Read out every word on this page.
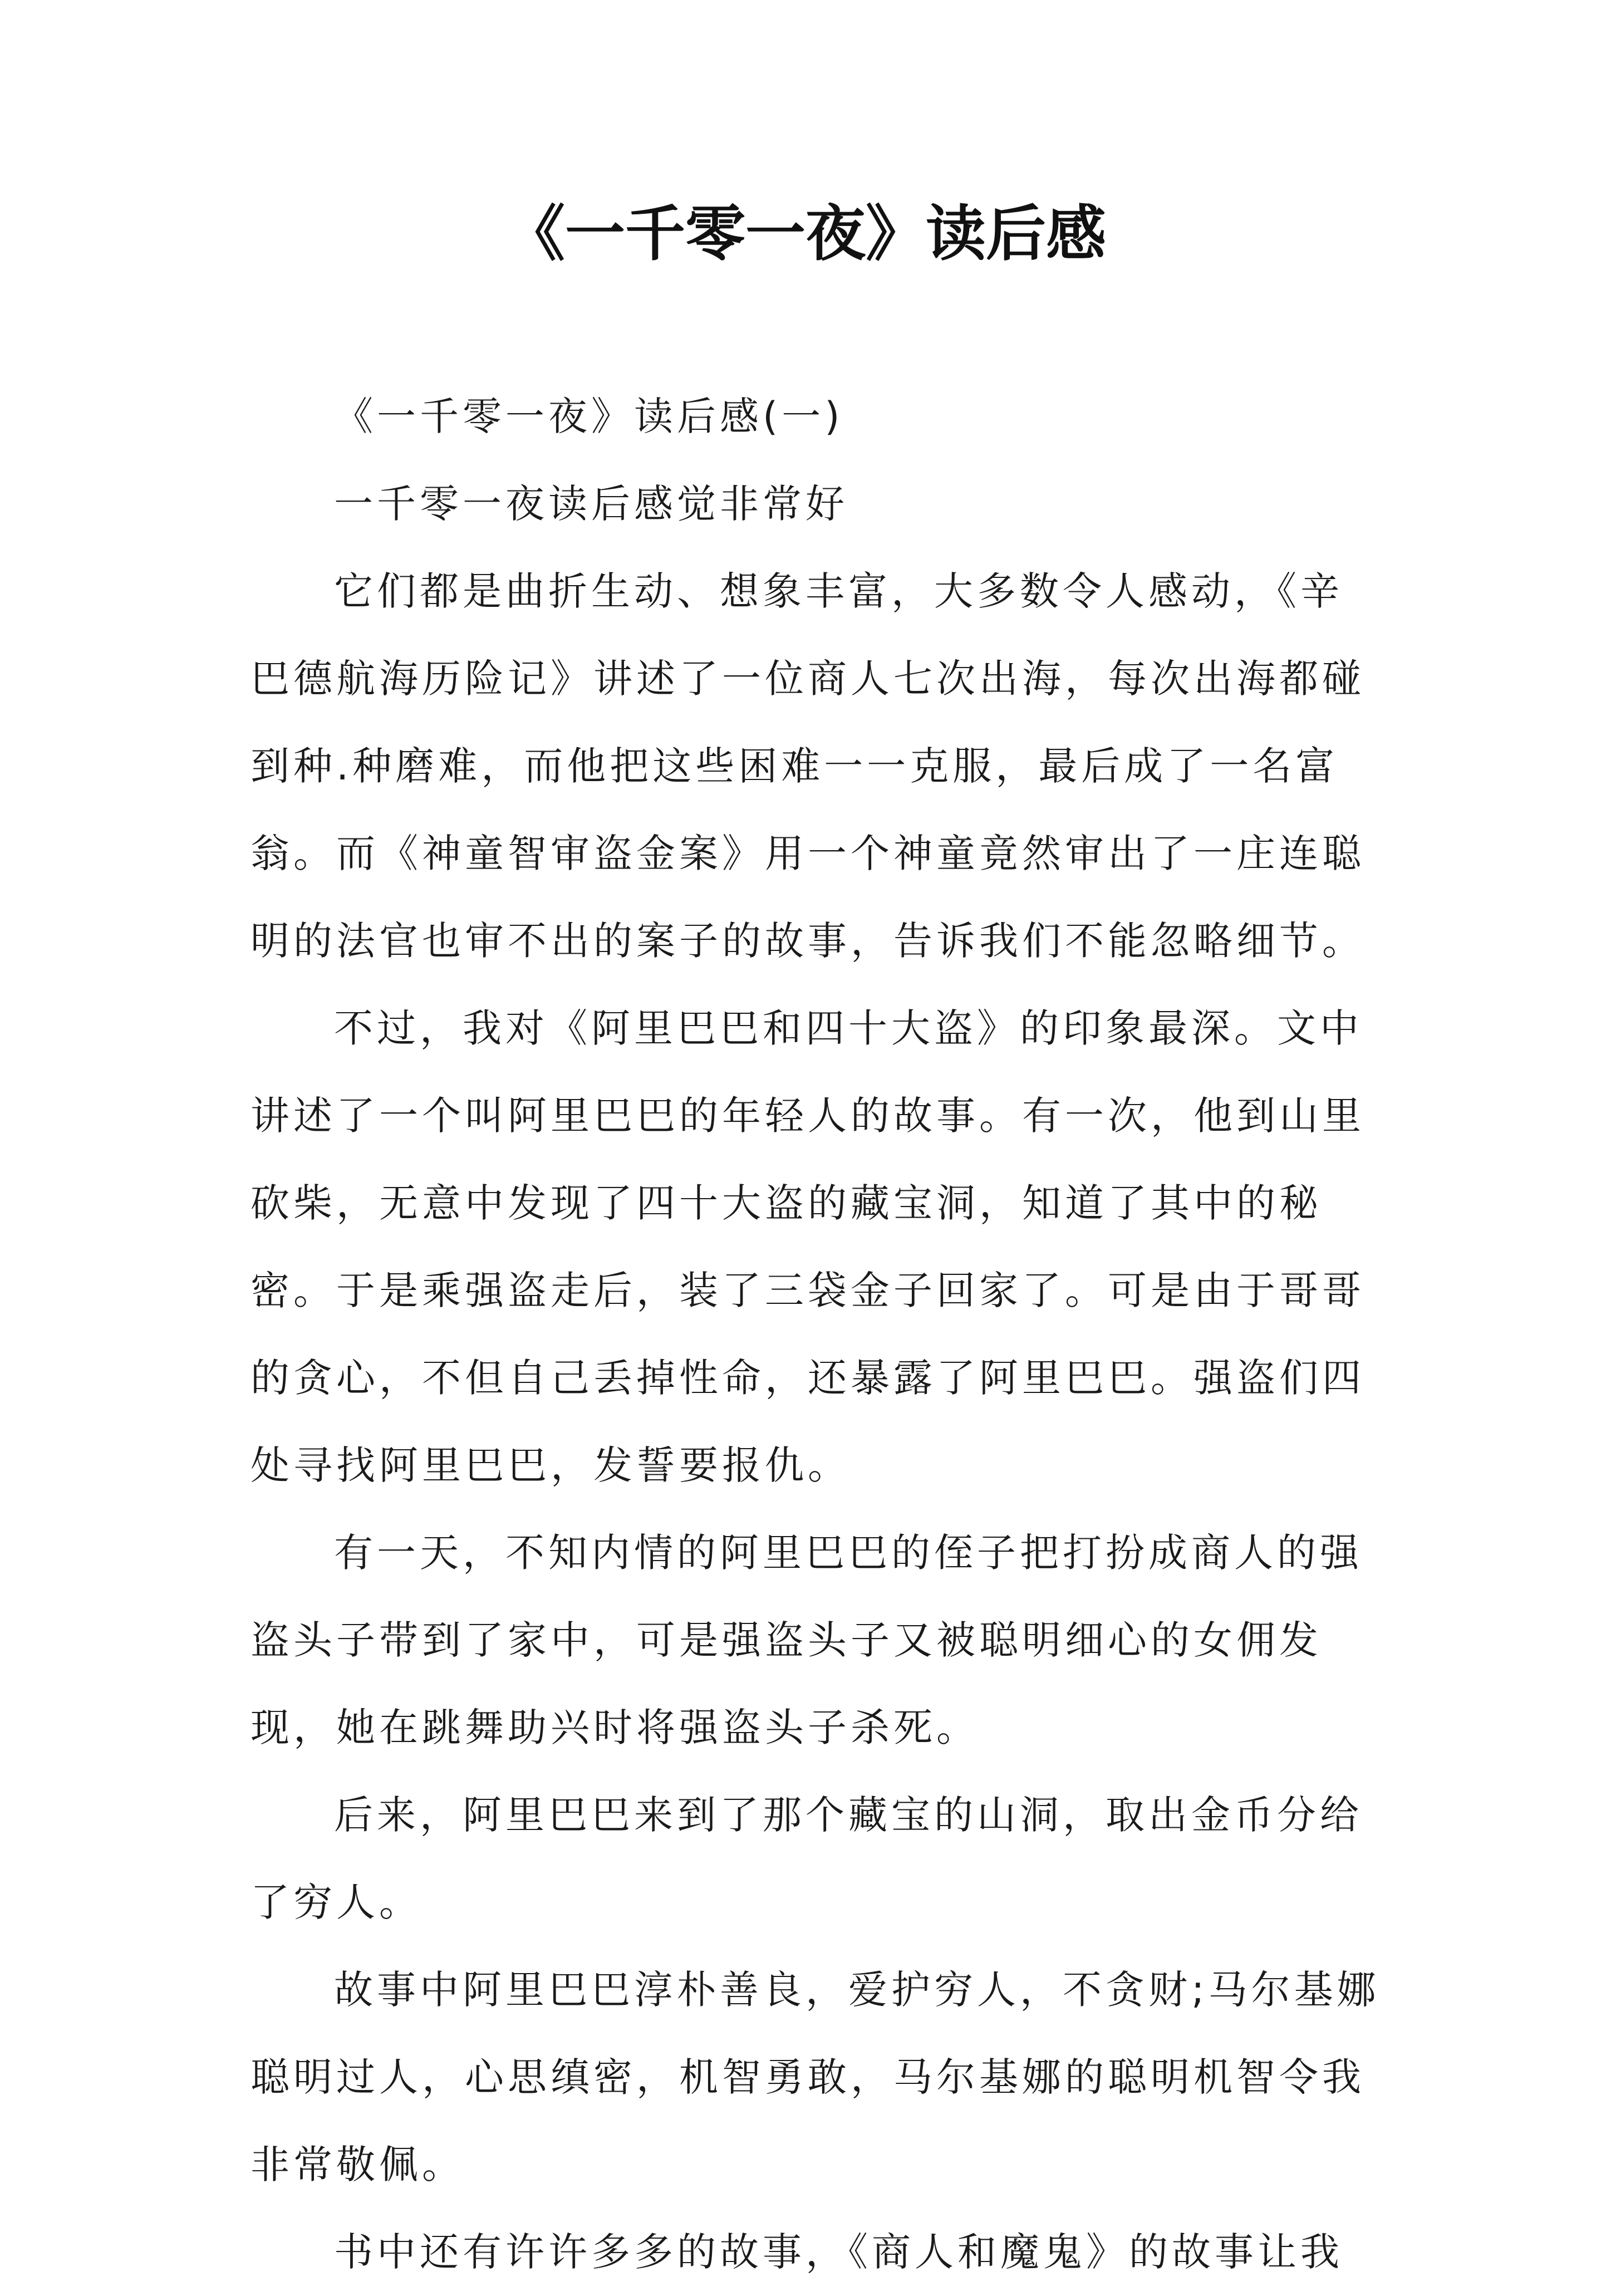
《一千零一夜》读后感

《一千零一夜》读后感(一)

一千零一夜读后感觉非常好

它们都是曲折生动、想象丰富，大多数令人感动，《辛巴德航海历险记》讲述了一位商人七次出海，每次出海都碰到种.种磨难，而他把这些困难一一克服，最后成了一名富翁。而《神童智审盗金案》用一个神童竟然审出了一庄连聪明的法官也审不出的案子的故事，告诉我们不能忽略细节。

不过，我对《阿里巴巴和四十大盗》的印象最深。文中讲述了一个叫阿里巴巴的年轻人的故事。有一次，他到山里砍柴，无意中发现了四十大盗的藏宝洞，知道了其中的秘密。于是乘强盗走后，装了三袋金子回家了。可是由于哥哥的贪心，不但自己丢掉性命，还暴露了阿里巴巴。强盗们四处寻找阿里巴巴，发誓要报仇。

有一天，不知内情的阿里巴巴的侄子把打扮成商人的强盗头子带到了家中，可是强盗头子又被聪明细心的女佣发现，她在跳舞助兴时将强盗头子杀死。

后来，阿里巴巴来到了那个藏宝的山洞，取出金币分给了穷人。

故事中阿里巴巴淳朴善良，爱护穷人，不贪财;马尔基娜聪明过人，心思缜密，机智勇敢，马尔基娜的聪明机智令我非常敬佩。

书中还有许许多多的故事，《商人和魔鬼》的故事让我
